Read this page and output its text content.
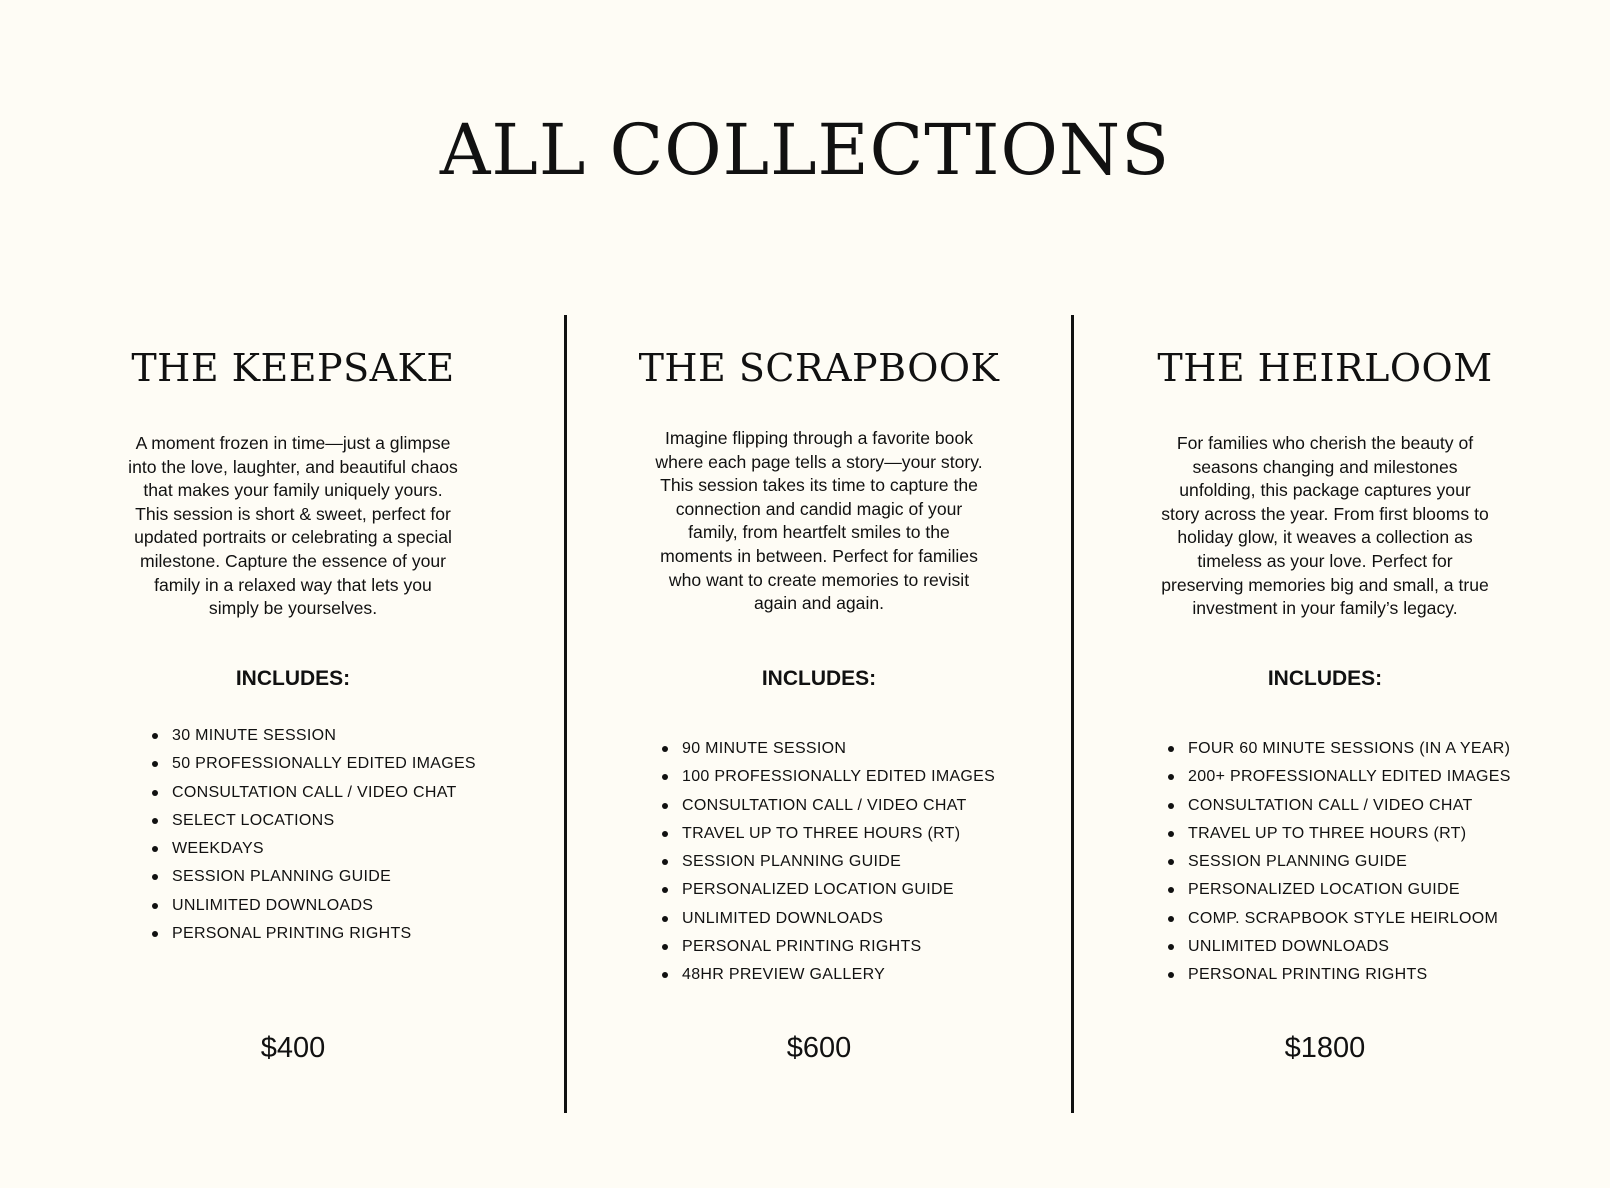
ALL COLLECTIONS
THE KEEPSAKE

A moment frozen in time—just a glimpse into the love, laughter, and beautiful chaos that makes your family uniquely yours. This session is short & sweet, perfect for updated portraits or celebrating a special milestone. Capture the essence of your family in a relaxed way that lets you simply be yourselves.

INCLUDES:
30 MINUTE SESSION
50 PROFESSIONALLY EDITED IMAGES
CONSULTATION CALL / VIDEO CHAT
SELECT LOCATIONS
WEEKDAYS
SESSION PLANNING GUIDE
UNLIMITED DOWNLOADS
PERSONAL PRINTING RIGHTS

$400

THE SCRAPBOOK

Imagine flipping through a favorite book where each page tells a story—your story. This session takes its time to capture the connection and candid magic of your family, from heartfelt smiles to the moments in between. Perfect for families who want to create memories to revisit again and again.

INCLUDES:
90 MINUTE SESSION
100 PROFESSIONALLY EDITED IMAGES
CONSULTATION CALL / VIDEO CHAT
TRAVEL UP TO THREE HOURS (RT)
SESSION PLANNING GUIDE
PERSONALIZED LOCATION GUIDE
UNLIMITED DOWNLOADS
PERSONAL PRINTING RIGHTS
48HR PREVIEW GALLERY

$600

THE HEIRLOOM

For families who cherish the beauty of seasons changing and milestones unfolding, this package captures your story across the year. From first blooms to holiday glow, it weaves a collection as timeless as your love. Perfect for preserving memories big and small, a true investment in your family’s legacy.

INCLUDES:
FOUR 60 MINUTE SESSIONS (IN A YEAR)
200+ PROFESSIONALLY EDITED IMAGES
CONSULTATION CALL / VIDEO CHAT
TRAVEL UP TO THREE HOURS (RT)
SESSION PLANNING GUIDE
PERSONALIZED LOCATION GUIDE
COMP. SCRAPBOOK STYLE HEIRLOOM
UNLIMITED DOWNLOADS
PERSONAL PRINTING RIGHTS

$1800
